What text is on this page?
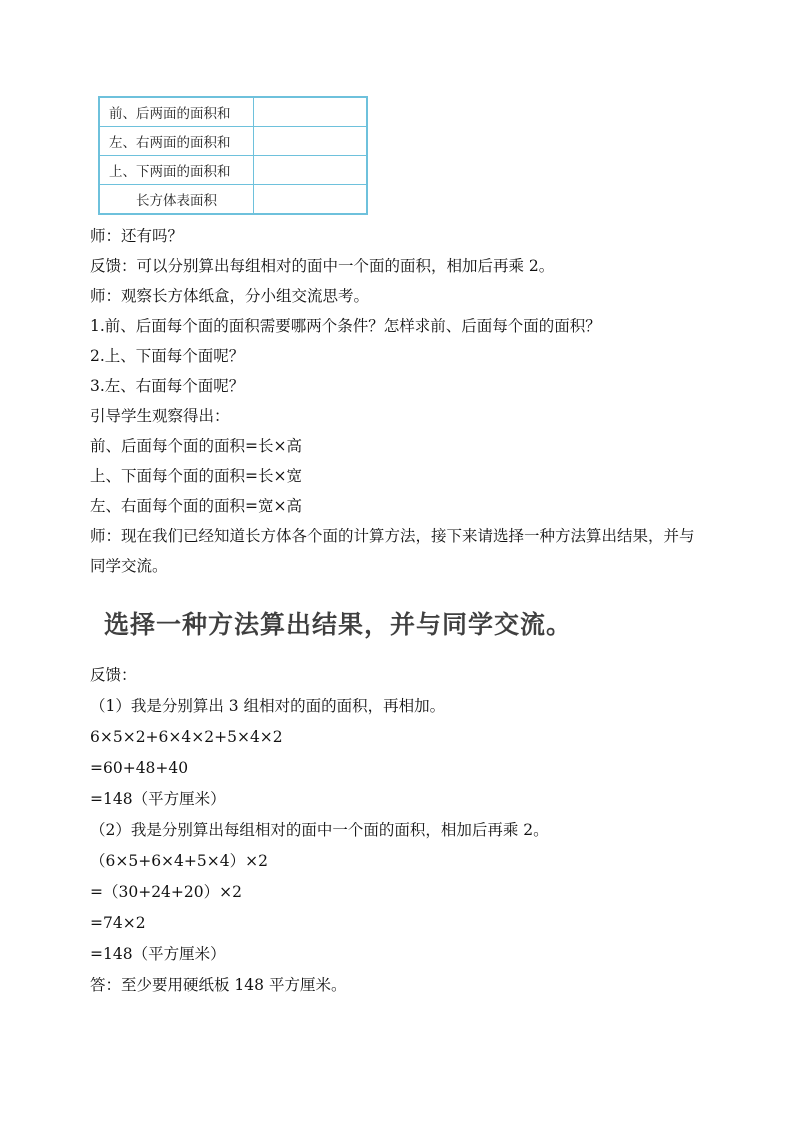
前、后两面的面积和	
左、右两面的面积和	
上、下两面的面积和	
长方体表面积	

师：还有吗？

反馈：可以分别算出每组相对的面中一个面的面积，相加后再乘 2。

师：观察长方体纸盒，分小组交流思考。

1.前、后面每个面的面积需要哪两个条件？怎样求前、后面每个面的面积？

2.上、下面每个面呢？

3.左、右面每个面呢？

引导学生观察得出：

前、后面每个面的面积=长×高

上、下面每个面的面积=长×宽

左、右面每个面的面积=宽×高

师：现在我们已经知道长方体各个面的计算方法，接下来请选择一种方法算出结果，并与同学交流。

选择一种方法算出结果，并与同学交流。

反馈：

（1）我是分别算出 3 组相对的面的面积，再相加。

6×5×2+6×4×2+5×4×2

=60+48+40

=148（平方厘米）

（2）我是分别算出每组相对的面中一个面的面积，相加后再乘 2。

（6×5+6×4+5×4）×2

=（30+24+20）×2

=74×2

=148（平方厘米）

答：至少要用硬纸板 148 平方厘米。
